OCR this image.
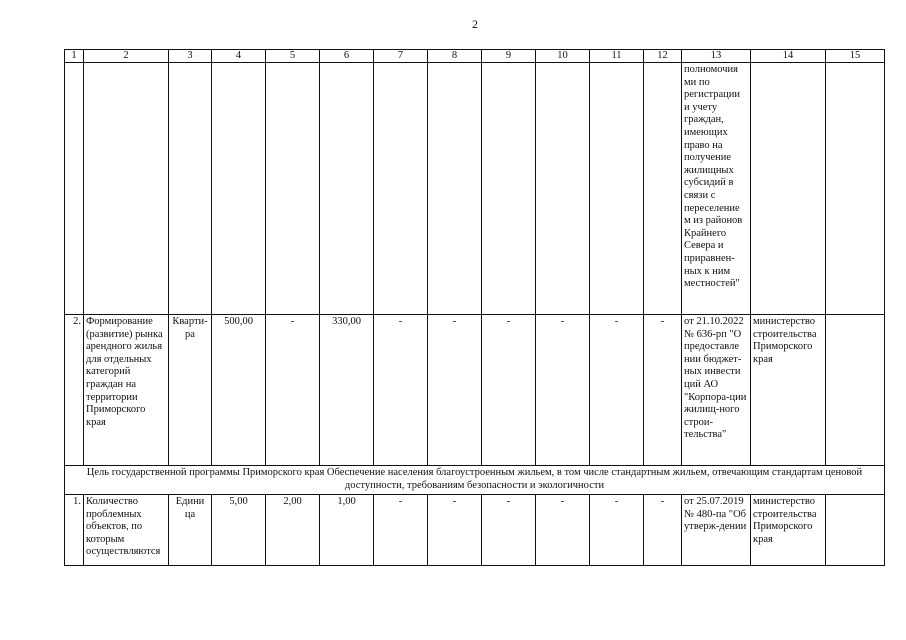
2
1	2	3	4	5	6	7	8	9	10	11	12	13	14	15
												полномочия ми по регистрации и учету граждан, имеющих право на получение жилищных субсидий в связи с переселение м из районов Крайнего Севера и приравнен-ных к ним местностей"		
2.	Формирование (развитие) рынка арендного жилья для отдельных категорий граждан на территории Приморского края	Кварти-ра	500,00	-	330,00	-	-	-	-	-	-	от 21.10.2022 № 636-рп "О предоставле нии бюджет-ных инвести ций АО "Корпора-ции жилищ-ного строи-тельства"	министерство строительства Приморского края	
Цель государственной программы Приморского края Обеспечение населения благоустроенным жильем, в том числе стандартным жильем, отвечающим стандартам ценовой доступности, требованиям безопасности и экологичности														
1.	Количество проблемных объектов, по которым осуществляются	Едини ца	5,00	2,00	1,00	-	-	-	-	-	-	от 25.07.2019 № 480-па "Об утверж-дении	министерство строительства Приморского края	
